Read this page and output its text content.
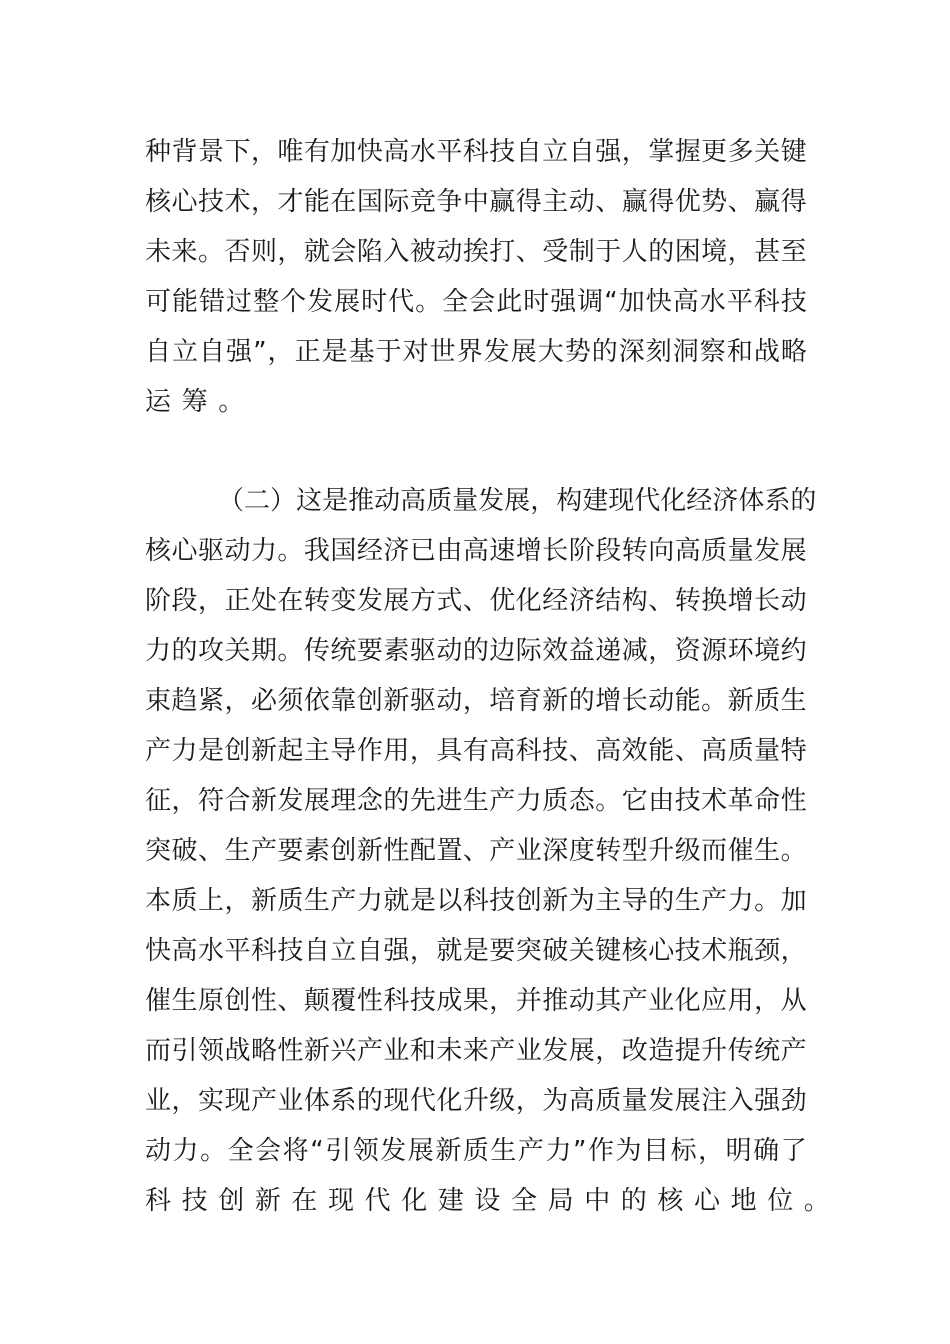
种 背 景 下 ， 唯 有 加 快 高 水 平 科 技 自 立 自 强 ， 掌 握 更 多 关 键
核 心 技 术 ， 才 能 在 国 际 竞 争 中 赢 得 主 动 、 赢 得 优 势 、 赢 得
未 来 。 否 则 ， 就 会 陷 入 被 动 挨 打 、 受 制 于 人 的 困 境 ， 甚 至
可 能 错 过 整 个 发 展 时 代 。 全 会 此 时 强 调 “ 加 快 高 水 平 科 技
自 立 自 强 ” ， 正 是 基 于 对 世 界 发 展 大 势 的 深 刻 洞 察 和 战 略
运筹。
（ 二 ） 这 是 推 动 高 质 量 发 展 ， 构 建 现 代 化 经 济 体 系 的
核 心 驱 动 力 。 我 国 经 济 已 由 高 速 增 长 阶 段 转 向 高 质 量 发 展
阶 段 ， 正 处 在 转 变 发 展 方 式 、 优 化 经 济 结 构 、 转 换 增 长 动
力 的 攻 关 期 。 传 统 要 素 驱 动 的 边 际 效 益 递 减 ， 资 源 环 境 约
束 趋 紧 ， 必 须 依 靠 创 新 驱 动 ， 培 育 新 的 增 长 动 能 。 新 质 生
产 力 是 创 新 起 主 导 作 用 ， 具 有 高 科 技 、 高 效 能 、 高 质 量 特
征 ， 符 合 新 发 展 理 念 的 先 进 生 产 力 质 态 。 它 由 技 术 革 命 性
突 破 、 生 产 要 素 创 新 性 配 置 、 产 业 深 度 转 型 升 级 而 催 生 。
本 质 上 ， 新 质 生 产 力 就 是 以 科 技 创 新 为 主 导 的 生 产 力 。 加
快 高 水 平 科 技 自 立 自 强 ， 就 是 要 突 破 关 键 核 心 技 术 瓶 颈 ，
催 生 原 创 性 、 颠 覆 性 科 技 成 果 ， 并 推 动 其 产 业 化 应 用 ， 从
而 引 领 战 略 性 新 兴 产 业 和 未 来 产 业 发 展 ， 改 造 提 升 传 统 产
业 ， 实 现 产 业 体 系 的 现 代 化 升 级 ， 为 高 质 量 发 展 注 入 强 劲
动 力 。 全 会 将 “ 引 领 发 展 新 质 生 产 力 ” 作 为 目 标 ， 明 确 了
科技创新在现代化建设全局中的核心地位。
